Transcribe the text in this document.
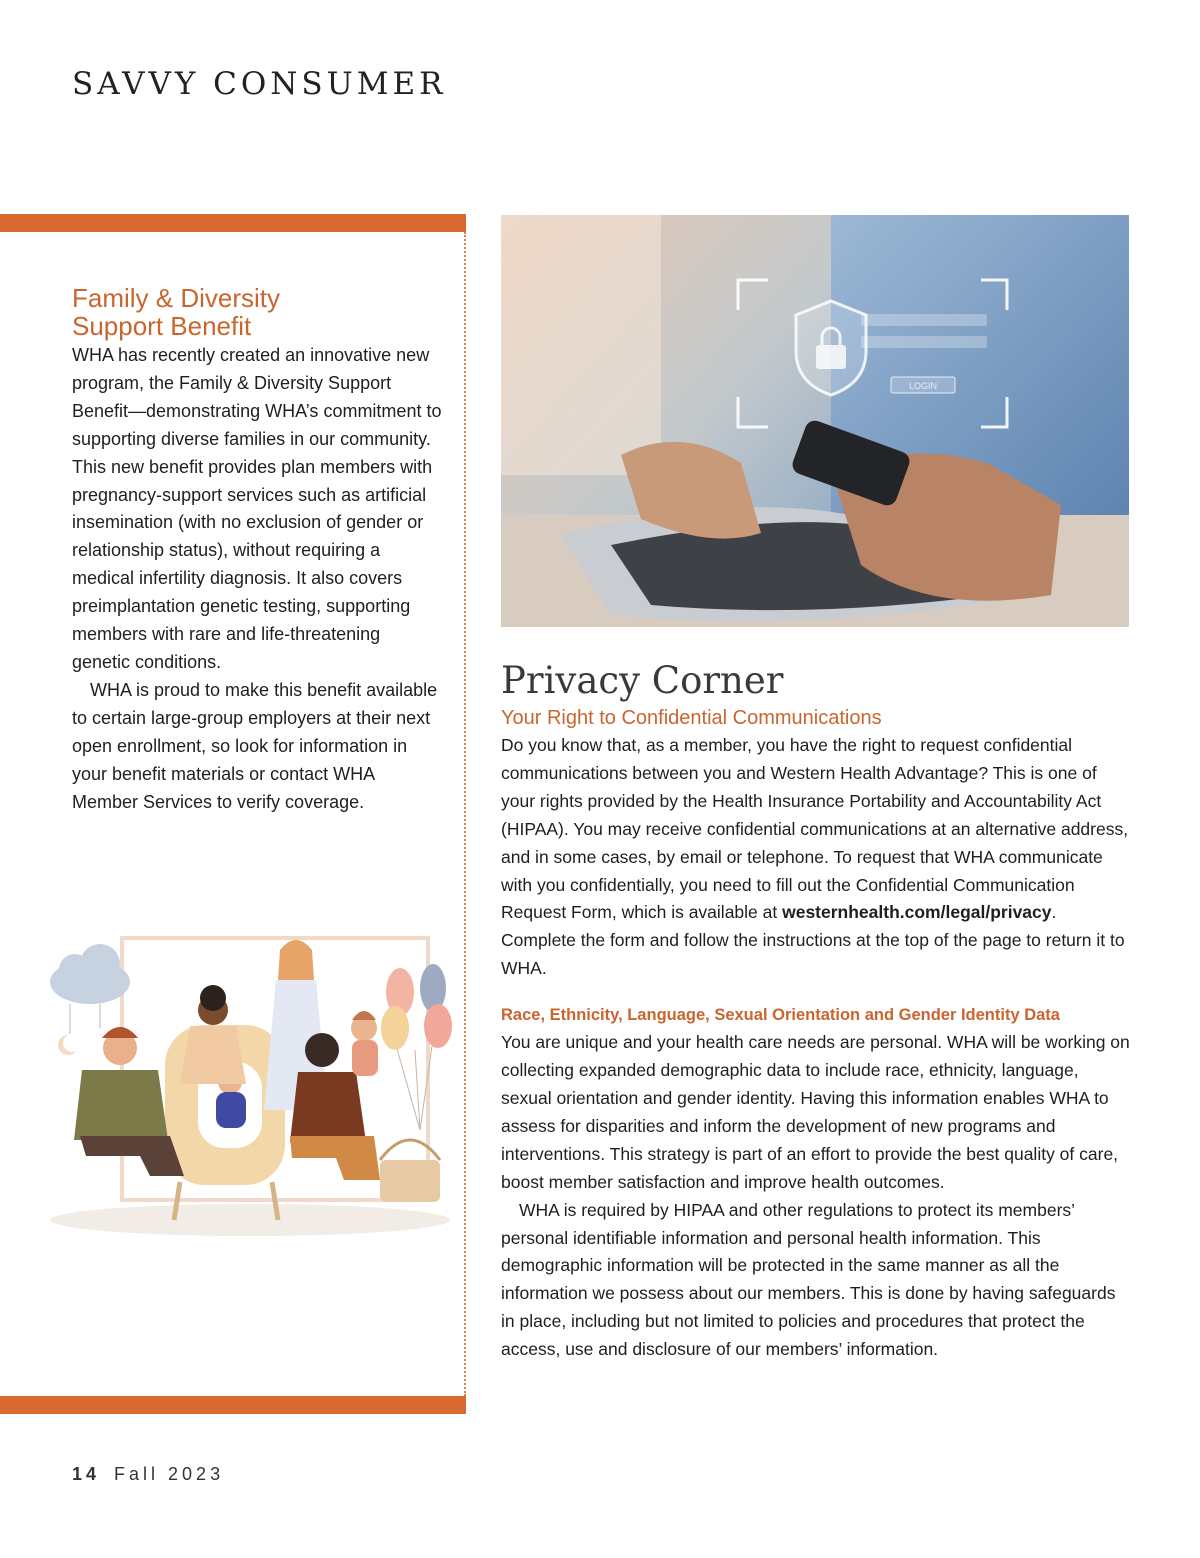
SAVVY CONSUMER
Family & Diversity
Support Benefit

WHA has recently created an innovative new program, the Family & Diversity Support Benefit—demonstrating WHA’s commitment to supporting diverse families in our community. This new benefit provides plan members with pregnancy-support services such as artificial insemination (with no exclusion of gender or relationship status), without requiring a medical infertility diagnosis. It also covers preimplantation genetic testing, supporting members with rare and life-threatening genetic conditions.

WHA is proud to make this benefit available to certain large-group employers at their next open enrollment, so look for information in your benefit materials or contact WHA Member Services to verify coverage.

LOGIN
Privacy Corner
Your Right to Confidential Communications

Do you know that, as a member, you have the right to request confidential communications between you and Western Health Advantage? This is one of your rights provided by the Health Insurance Portability and Accountability Act (HIPAA). You may receive confidential communications at an alternative address, and in some cases, by email or telephone. To request that WHA communicate with you confidentially, you need to fill out the Confidential Communication Request Form, which is available at westernhealth.com/legal/privacy. Complete the form and follow the instructions at the top of the page to return it to WHA.

Race, Ethnicity, Language, Sexual Orientation and Gender Identity Data

You are unique and your health care needs are personal. WHA will be working on collecting expanded demographic data to include race, ethnicity, language, sexual orientation and gender identity. Having this information enables WHA to assess for disparities and inform the development of new programs and interventions. This strategy is part of an effort to provide the best quality of care, boost member satisfaction and improve health outcomes.

WHA is required by HIPAA and other regulations to protect its members’ personal identifiable information and personal health information. This demographic information will be protected in the same manner as all the information we possess about our members. This is done by having safeguards in place, including but not limited to policies and procedures that protect the access, use and disclosure of our members’ information.

14 Fall 2023
